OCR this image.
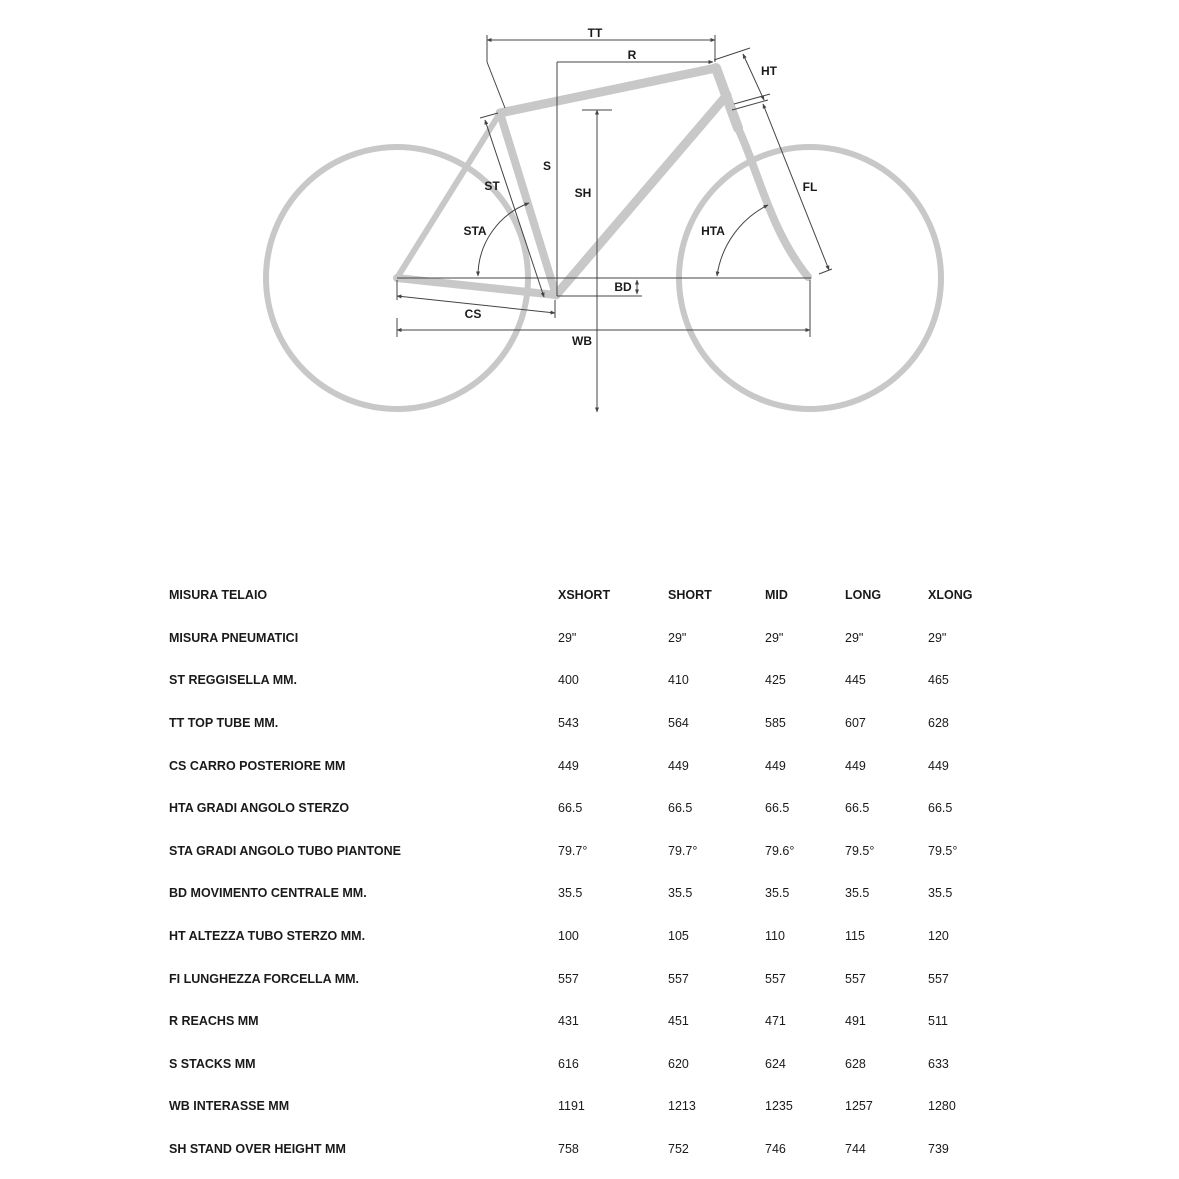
TT
R
HT
ST
S
SH
STA	HTA
FL
BD
CS
WB
MISURA TELAIO	XSHORT	SHORT	MID	LONG	XLONG
MISURA PNEUMATICI	29"	29"	29"	29"	29"
ST REGGISELLA MM.	400	410	425	445	465
TT TOP TUBE MM.	543	564	585	607	628
CS CARRO POSTERIORE MM	449	449	449	449	449
HTA GRADI ANGOLO STERZO	66.5	66.5	66.5	66.5	66.5
STA GRADI ANGOLO TUBO PIANTONE	79.7°	79.7°	79.6°	79.5°	79.5°
BD MOVIMENTO CENTRALE MM.	35.5	35.5	35.5	35.5	35.5
HT ALTEZZA TUBO STERZO MM.	100	105	110	115	120
FI LUNGHEZZA FORCELLA MM.	557	557	557	557	557
R REACHS MM	431	451	471	491	511
S STACKS MM	616	620	624	628	633
WB INTERASSE MM	1191	1213	1235	1257	1280
SH STAND OVER HEIGHT MM	758	752	746	744	739
